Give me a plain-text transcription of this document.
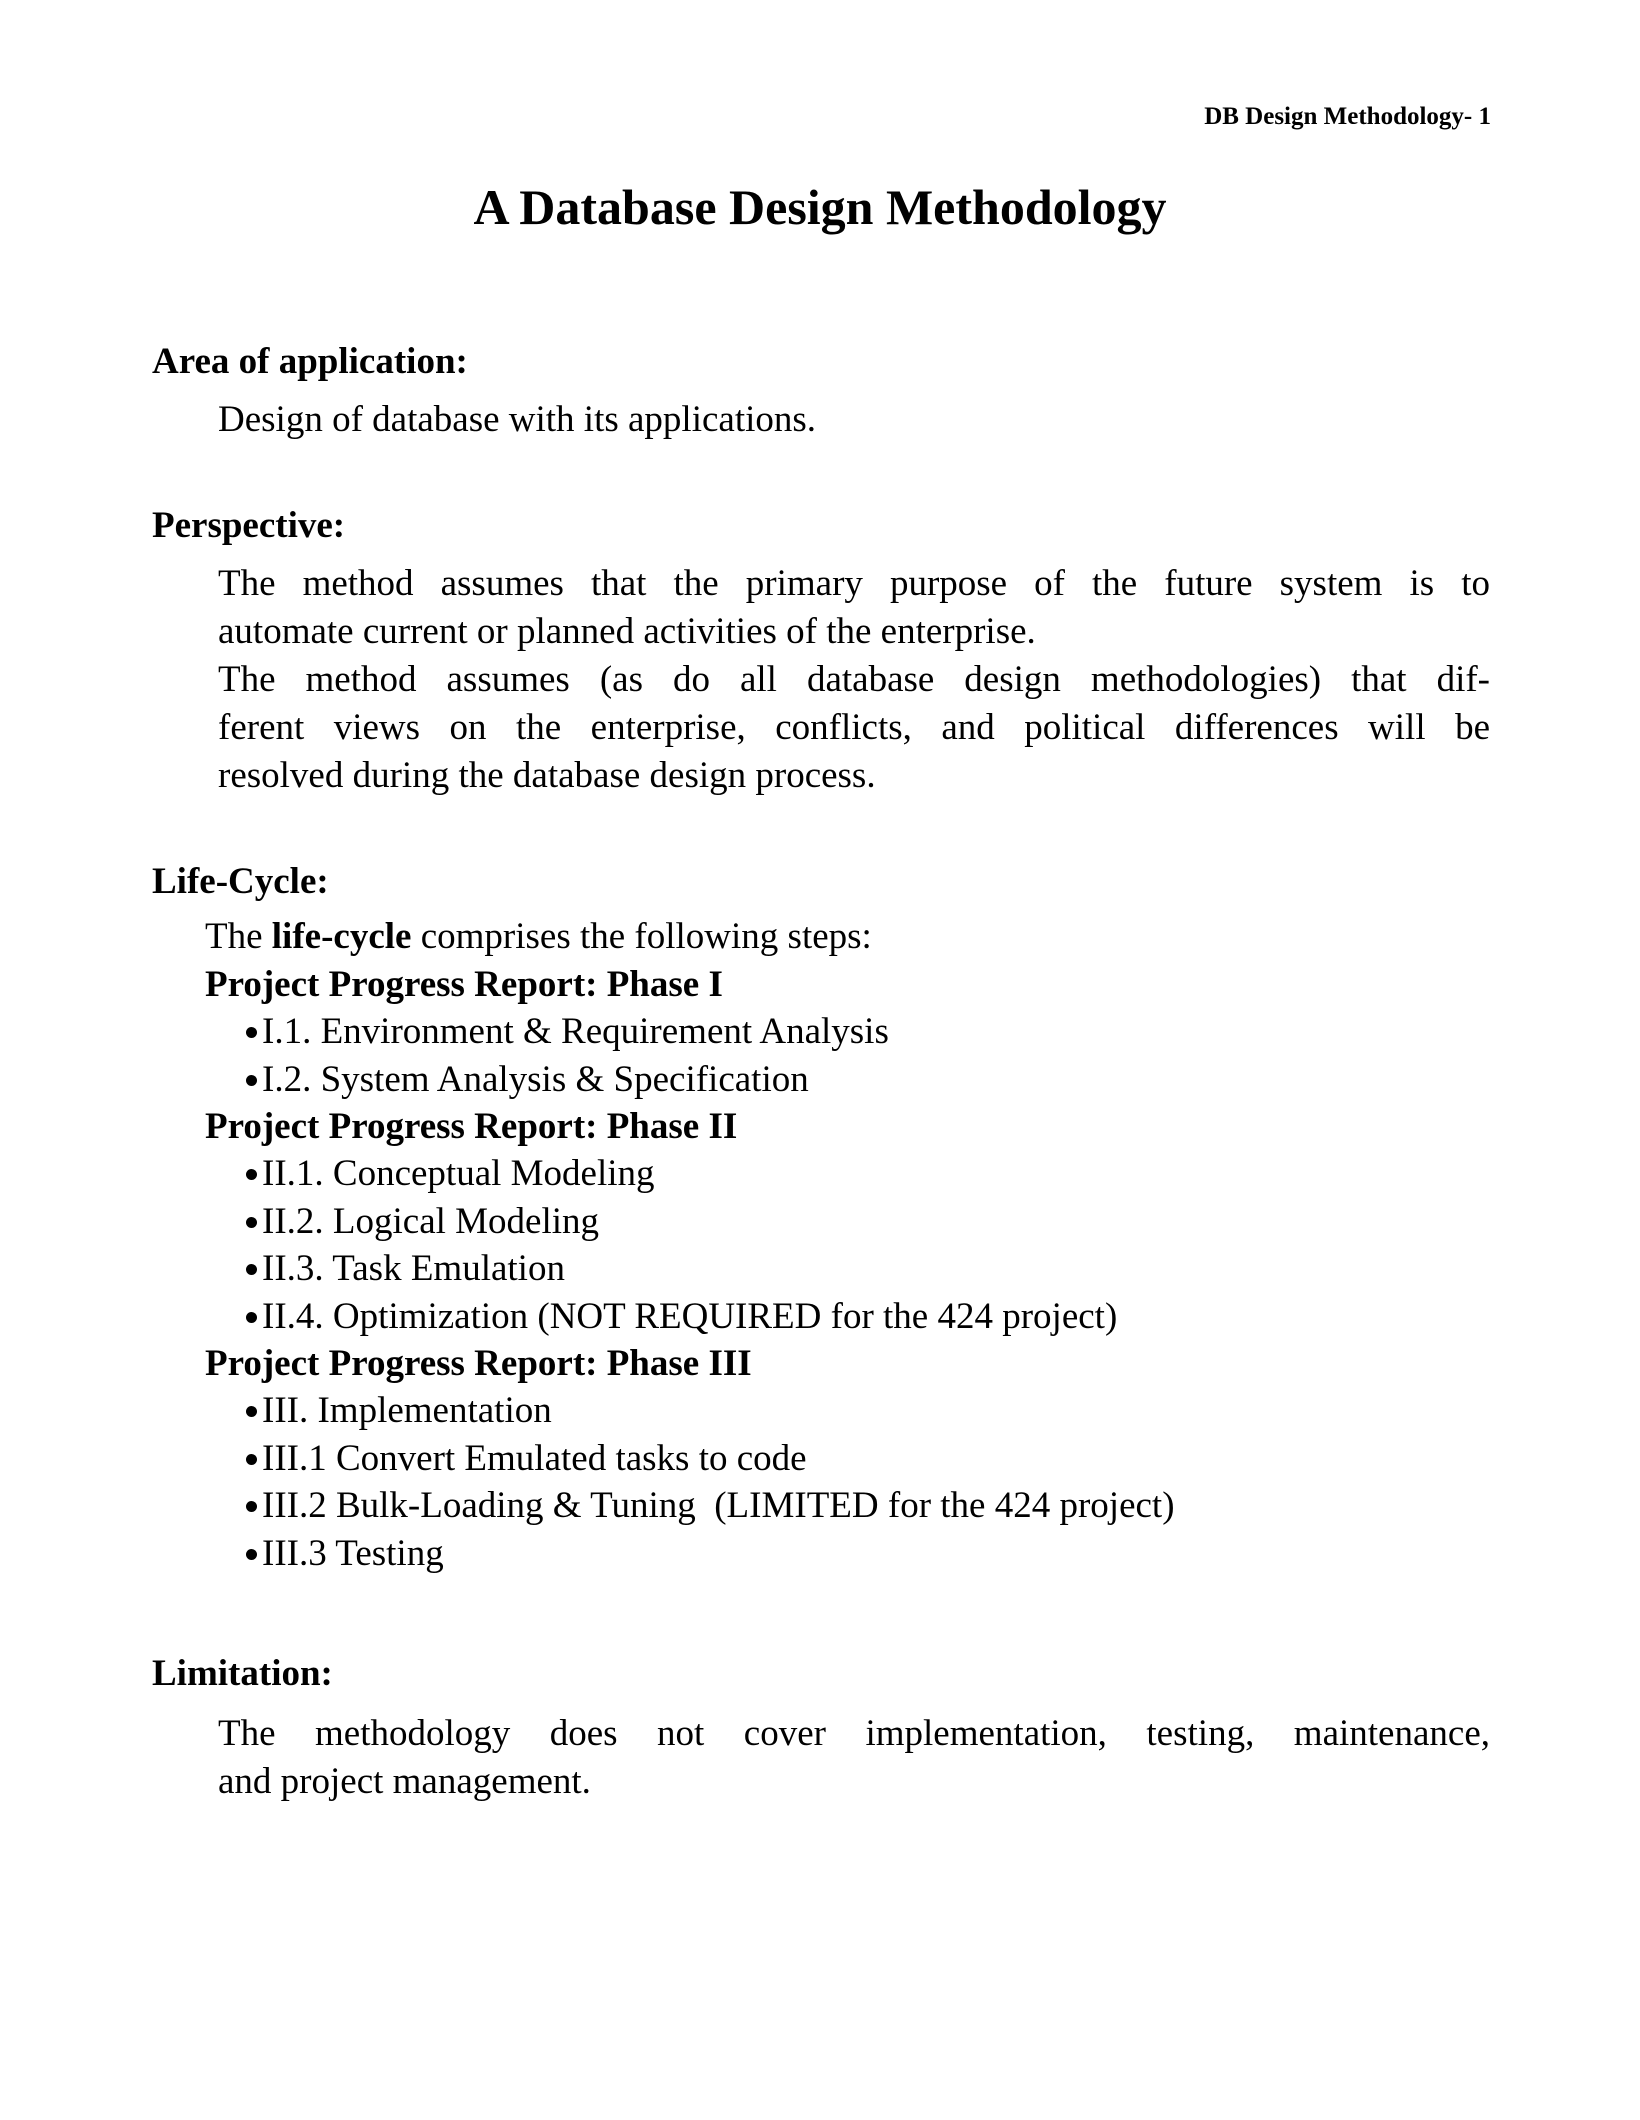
DB Design Methodology- 1
A Database Design Methodology
Area of application:
Design of database with its applications.
Perspective:
The method assumes that the primary purpose of the future system is to
automate current or planned activities of the enterprise.
The method assumes (as do all database design methodologies) that dif-
ferent views on the enterprise, conflicts, and political differences will be
resolved during the database design process.
Life-Cycle:
The life-cycle comprises the following steps:
Project Progress Report: Phase I
I.1. Environment & Requirement Analysis
I.2. System Analysis & Specification
Project Progress Report: Phase II
II.1. Conceptual Modeling
II.2. Logical Modeling
II.3. Task Emulation
II.4. Optimization (NOT REQUIRED for the 424 project)
Project Progress Report: Phase III
III. Implementation
III.1 Convert Emulated tasks to code
III.2 Bulk-Loading & Tuning  (LIMITED for the 424 project)
III.3 Testing
Limitation:
The methodology does not cover implementation, testing, maintenance,
and project management.
